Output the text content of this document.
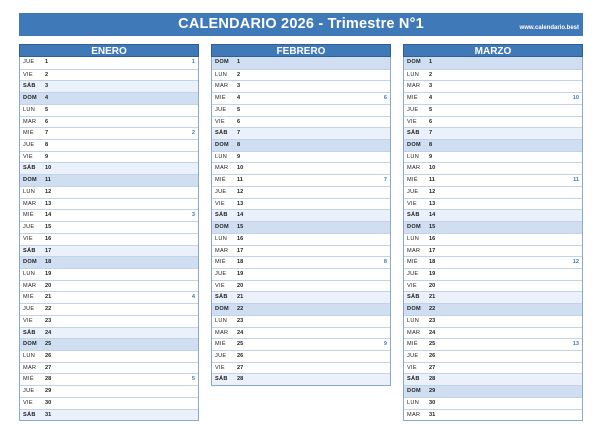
CALENDARIO 2026 - Trimestre N°1	www.calendario.best
ENERO
JUE 1	1
VIE 2
SÁB 3
DOM 4
LUN 5
MAR 6
MIÉ 7	2
JUE 8
VIE 9
SÁB 10
DOM 11
LUN 12
MAR 13
MIÉ 14	3
JUE 15
VIE 16
SÁB 17
DOM 18
LUN 19
MAR 20
MIÉ 21	4
JUE 22
VIE 23
SÁB 24
DOM 25
LUN 26
MAR 27
MIÉ 28	5
JUE 29
VIE 30
SÁB 31
FEBRERO
DOM 1
LUN 2
MAR 3
MIÉ 4	6
JUE 5
VIE 6
SÁB 7
DOM 8
LUN 9
MAR 10
MIÉ 11	7
JUE 12
VIE 13
SÁB 14
DOM 15
LUN 16
MAR 17
MIÉ 18	8
JUE 19
VIE 20
SÁB 21
DOM 22
LUN 23
MAR 24
MIÉ 25	9
JUE 26
VIE 27
SÁB 28
MARZO
DOM 1
LUN 2
MAR 3
MIÉ 4	10
JUE 5
VIE 6
SÁB 7
DOM 8
LUN 9
MAR 10
MIÉ 11	11
JUE 12
VIE 13
SÁB 14
DOM 15
LUN 16
MAR 17
MIÉ 18	12
JUE 19
VIE 20
SÁB 21
DOM 22
LUN 23
MAR 24
MIÉ 25	13
JUE 26
VIE 27
SÁB 28
DOM 29
LUN 30
MAR 31
